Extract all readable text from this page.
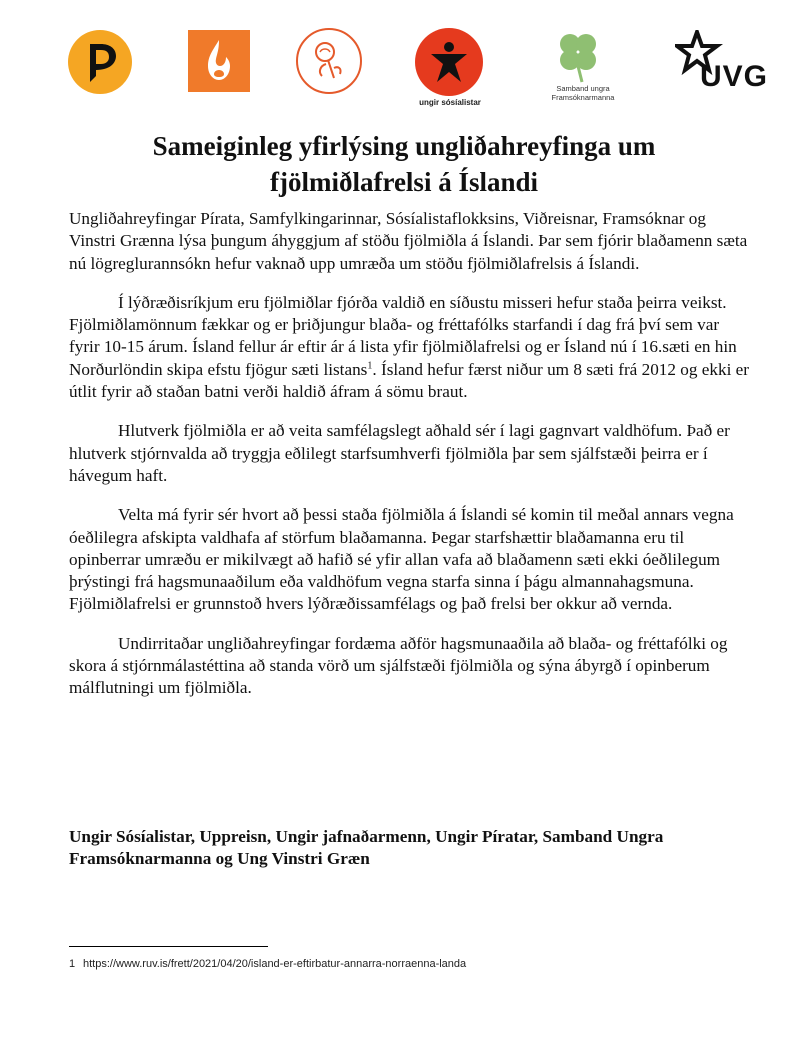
ungir sósíalistar
Samband ungra
Framsóknarmanna
UVG
Sameiginleg yfirlýsing ungliðahreyfinga um
fjölmiðlafrelsi á Íslandi

Ungliðahreyfingar Pírata, Samfylkingarinnar, Sósíalistaflokksins, Viðreisnar, Framsóknar og Vinstri Grænna lýsa þungum áhyggjum af stöðu fjölmiðla á Íslandi. Þar sem fjórir blaðamenn sæta nú lögreglurannsókn hefur vaknað upp umræða um stöðu fjölmiðlafrelsis á Íslandi.

Í lýðræðisríkjum eru fjölmiðlar fjórða valdið en síðustu misseri hefur staða þeirra veikst. Fjölmiðlamönnum fækkar og er þriðjungur blaða- og fréttafólks starfandi í dag frá því sem var fyrir 10-15 árum. Ísland fellur ár eftir ár á lista yfir fjölmiðlafrelsi og er Ísland nú í 16.sæti en hin Norðurlöndin skipa efstu fjögur sæti listans$^1$. Ísland hefur færst niður um 8 sæti frá 2012 og ekki er útlit fyrir að staðan batni verði haldið áfram á sömu braut.

Hlutverk fjölmiðla er að veita samfélagslegt aðhald sér í lagi gagnvart valdhöfum. Það er hlutverk stjórnvalda að tryggja eðlilegt starfsumhverfi fjölmiðla þar sem sjálfstæði þeirra er í hávegum haft.

Velta má fyrir sér hvort að þessi staða fjölmiðla á Íslandi sé komin til meðal annars vegna óeðlilegra afskipta valdhafa af störfum blaðamanna. Þegar starfshættir blaðamanna eru til opinberrar umræðu er mikilvægt að hafið sé yfir allan vafa að blaðamenn sæti ekki óeðlilegum þrýstingi frá hagsmunaaðilum eða valdhöfum vegna starfa sinna í þágu almannahagsmuna. Fjölmiðlafrelsi er grunnstoð hvers lýðræðissamfélags og það frelsi ber okkur að vernda.

Undirritaðar ungliðahreyfingar fordæma aðför hagsmunaaðila að blaða- og fréttafólki og skora á stjórnmálastéttina að standa vörð um sjálfstæði fjölmiðla og sýna ábyrgð í opinberum málflutningi um fjölmiðla.

Ungir Sósíalistar, Uppreisn, Ungir jafnaðarmenn, Ungir Píratar, Samband Ungra Framsóknarmanna og Ung Vinstri Græn
1 https://www.ruv.is/frett/2021/04/20/island-er-eftirbatur-annarra-norraenna-landa
